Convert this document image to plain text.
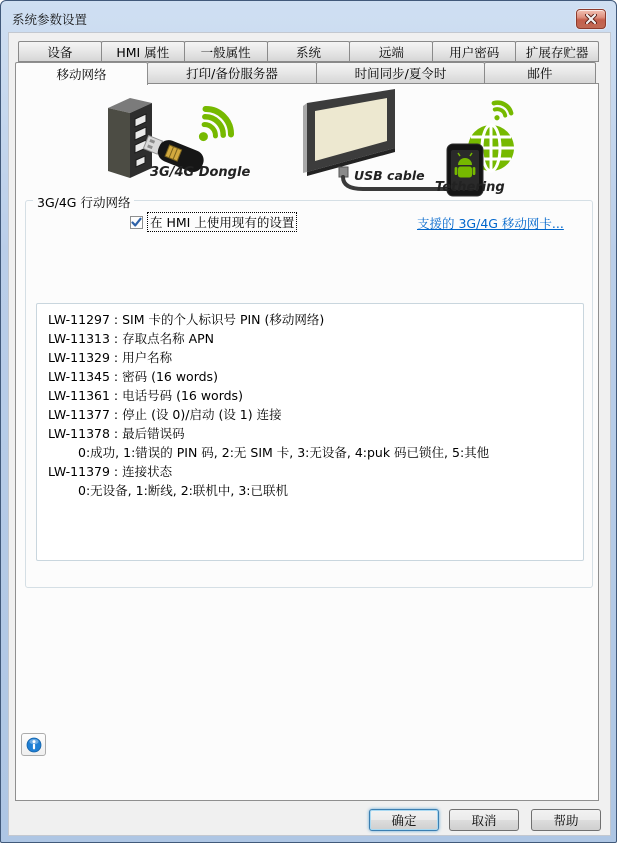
系统参数设置
设备	HMI 属性	一般属性	系统	远端	用户密码	扩展存贮器
移动网络	打印/备份服务器	时间同步/夏令时	邮件
3G/4G Dongle	USB cable
Tethering
3G/4G 行动网络
在 HMI 上使用现有的设置	支援的 3G/4G 移动网卡...
LW-11297 : SIM 卡的个人标识号 PIN (移动网络)
LW-11313 : 存取点名称 APN
LW-11329 : 用户名称
LW-11345 : 密码 (16 words)
LW-11361 : 电话号码 (16 words)
LW-11377 : 停止 (设 0)/启动 (设 1) 连接
LW-11378 : 最后错误码
0:成功, 1:错误的 PIN 码, 2:无 SIM 卡, 3:无设备, 4:puk 码已锁住, 5:其他
LW-11379 : 连接状态
0:无设备, 1:断线, 2:联机中, 3:已联机
确定	取消	帮助
